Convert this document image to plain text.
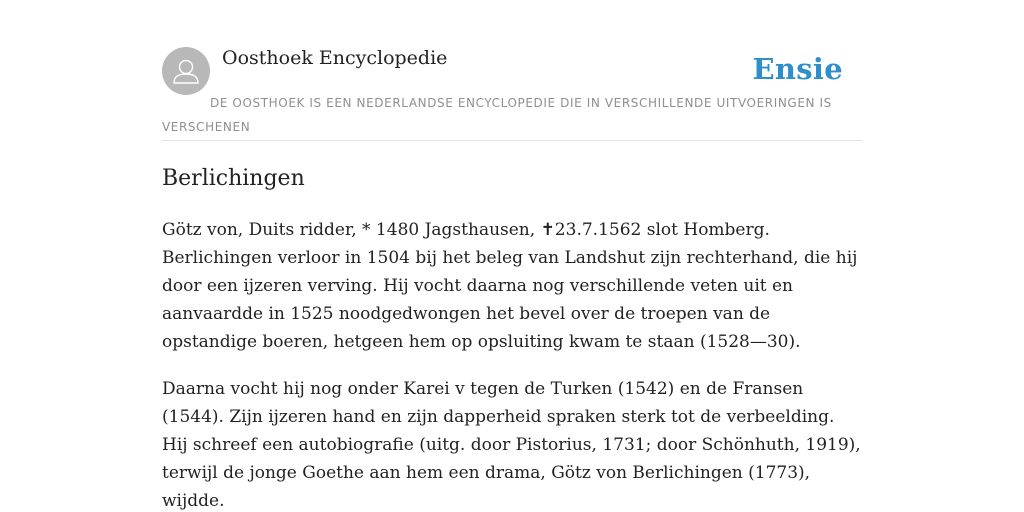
Oosthoek Encyclopedie	Ensie
DE OOSTHOEK IS EEN NEDERLANDSE ENCYCLOPEDIE DIE IN VERSCHILLENDE UITVOERINGEN IS VERSCHENEN
Berlichingen

Götz von, Duits ridder, * 1480 Jagsthausen, ✝23.7.1562 slot Homberg. Berlichingen verloor in 1504 bij het beleg van Landshut zijn rechterhand, die hij door een ijzeren verving. Hij vocht daarna nog verschillende veten uit en aanvaardde in 1525 noodgedwongen het bevel over de troepen van de opstandige boeren, hetgeen hem op opsluiting kwam te staan (1528—30).

Daarna vocht hij nog onder Karei v tegen de Turken (1542) en de Fransen (1544). Zijn ijzeren hand en zijn dapperheid spraken sterk tot de verbeelding. Hij schreef een autobiografie (uitg. door Pistorius, 1731; door Schönhuth, 1919), terwijl de jonge Goethe aan hem een drama, Götz von Berlichingen (1773), wijdde.
